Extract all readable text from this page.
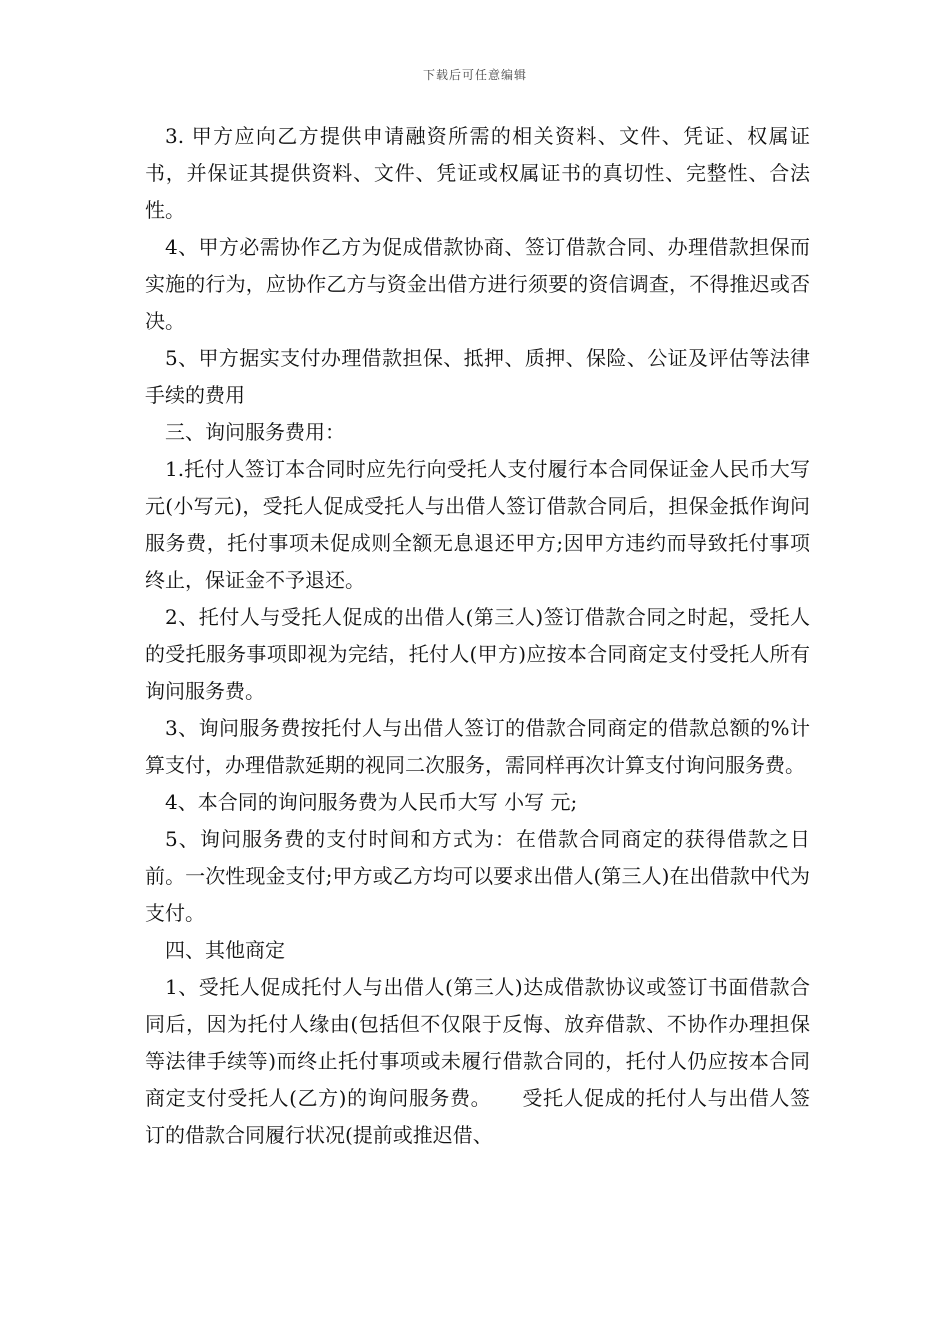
下载后可任意编辑

3. 甲方应向乙方提供申请融资所需的相关资料、文件、凭证、权属证书，并保证其提供资料、文件、凭证或权属证书的真切性、完整性、合法性。

4、甲方必需协作乙方为促成借款协商、签订借款合同、办理借款担保而实施的行为，应协作乙方与资金出借方进行须要的资信调查，不得推迟或否决。

5、甲方据实支付办理借款担保、抵押、质押、保险、公证及评估等法律手续的费用

三、询问服务费用：

1.托付人签订本合同时应先行向受托人支付履行本合同保证金人民币大写 元(小写元)，受托人促成受托人与出借人签订借款合同后，担保金抵作询问服务费，托付事项未促成则全额无息退还甲方;因甲方违约而导致托付事项终止，保证金不予退还。

2、托付人与受托人促成的出借人(第三人)签订借款合同之时起，受托人的受托服务事项即视为完结，托付人(甲方)应按本合同商定支付受托人所有询问服务费。

3、询问服务费按托付人与出借人签订的借款合同商定的借款总额的%计算支付，办理借款延期的视同二次服务，需同样再次计算支付询问服务费。

4、本合同的询问服务费为人民币大写 小写 元;

5、询问服务费的支付时间和方式为：在借款合同商定的获得借款之日前。一次性现金支付;甲方或乙方均可以要求出借人(第三人)在出借款中代为支付。

四、其他商定

1、受托人促成托付人与出借人(第三人)达成借款协议或签订书面借款合同后，因为托付人缘由(包括但不仅限于反悔、放弃借款、不协作办理担保等法律手续等)而终止托付事项或未履行借款合同的，托付人仍应按本合同商定支付受托人(乙方)的询问服务费。　　受托人促成的托付人与出借人签订的借款合同履行状况(提前或推迟借、
